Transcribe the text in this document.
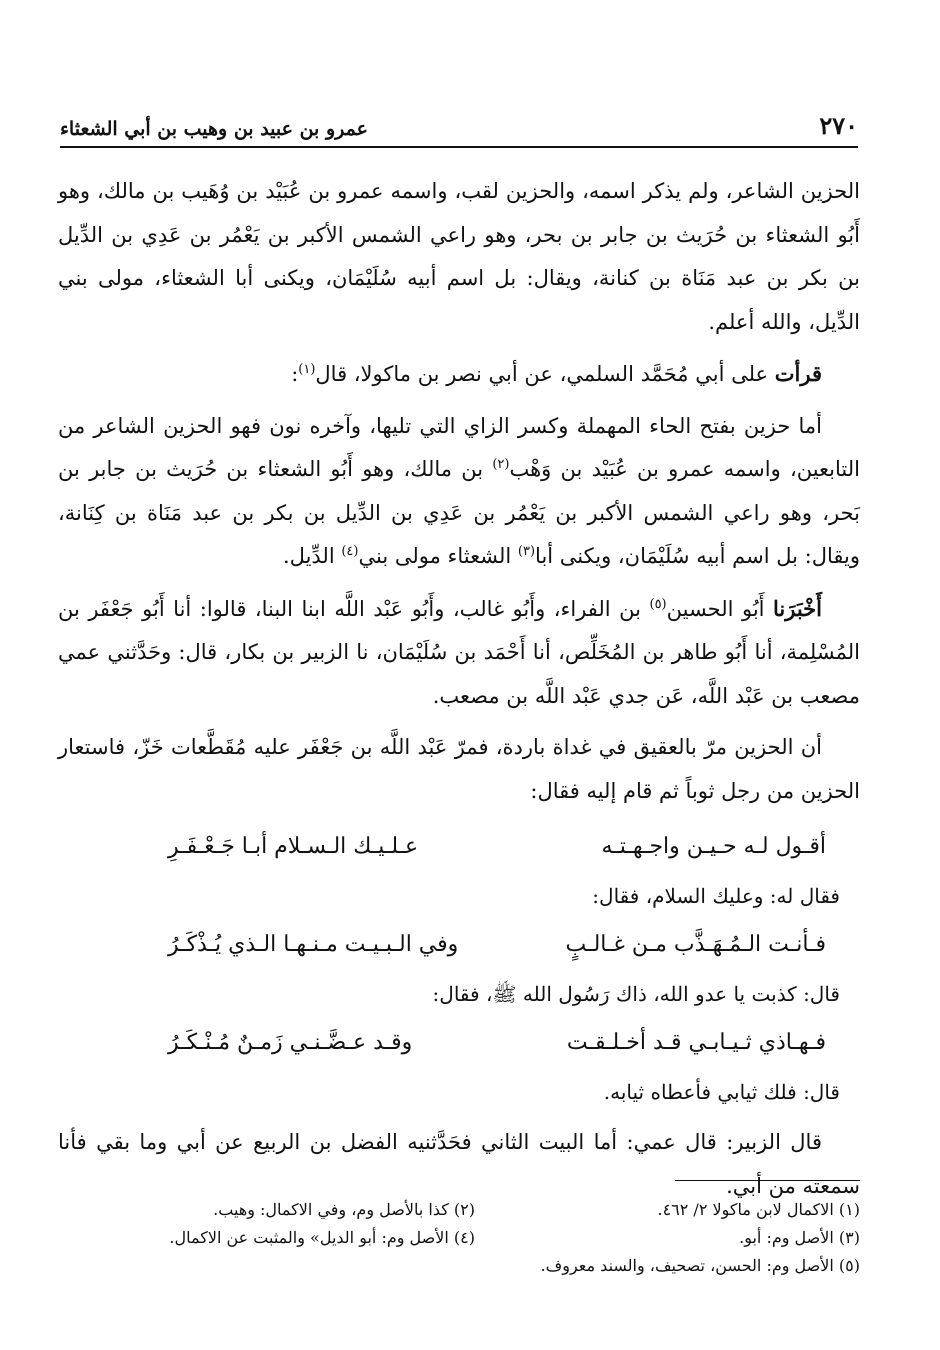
٢٧٠
عمرو بن عبيد بن وهيب بن أبي الشعثاء

الحزين الشاعر، ولم يذكر اسمه، والحزين لقب، واسمه عمرو بن عُبَيْد بن وُهَيب بن مالك، وهو أَبُو الشعثاء بن حُرَيث بن جابر بن بحر، وهو راعي الشمس الأكبر بن يَعْمُر بن عَدِي بن الدِّيل بن بكر بن عبد مَنَاة بن كنانة، ويقال: بل اسم أبيه سُلَيْمَان، ويكنى أبا الشعثاء، مولى بني الدِّيل، والله أعلم.

قرأت على أبي مُحَمَّد السلمي، عن أبي نصر بن ماكولا، قال$^{(١)}$:

أما حزين بفتح الحاء المهملة وكسر الزاي التي تليها، وآخره نون فهو الحزين الشاعر من التابعين، واسمه عمرو بن عُبَيْد بن وَهْب$^{(٢)}$ بن مالك، وهو أَبُو الشعثاء بن حُرَيث بن جابر بن بَحر، وهو راعي الشمس الأكبر بن يَعْمُر بن عَدِي بن الدِّيل بن بكر بن عبد مَنَاة بن كِنَانة، ويقال: بل اسم أبيه سُلَيْمَان، ويكنى أبا$^{(٣)}$ الشعثاء مولى بني$^{(٤)}$ الدِّيل.

أَخْبَرَنا أَبُو الحسين$^{(٥)}$ بن الفراء، وأَبُو غالب، وأَبُو عَبْد اللَّه ابنا البنا، قالوا: أنا أَبُو جَعْفَر بن المُسْلِمة، أنا أَبُو طاهر بن المُخَلِّص، أنا أَحْمَد بن سُلَيْمَان، نا الزبير بن بكار، قال: وحَدَّثني عمي مصعب بن عَبْد اللَّه، عَن جدي عَبْد اللَّه بن مصعب.

أن الحزين مرّ بالعقيق في غداة باردة، فمرّ عَبْد اللَّه بن جَعْفَر عليه مُقَطَّعات خَزّ، فاستعار الحزين من رجل ثوباً ثم قام إليه فقال:

أقـول لـه حـيـن واجـهـتـه
عـلـيـك الـسـلام أبـا جَـعْـفَـرِ
فقال له: وعليك السلام، فقال:
فـأنـت الـمُـهَـذَّب مـن غـالـبٍ
وفي الـبـيـت مـنـهـا الـذي يُـذْكَـرُ
قال: كذبت يا عدو الله، ذاك رَسُول الله ﷺ، فقال:
فـهـاذي ثـيـابـي قـد أخـلـقـت
وقـد عـضَّـنـي زَمـنٌ مُـنْـكَـرُ
قال: فلك ثيابي فأعطاه ثيابه.

قال الزبير: قال عمي: أما البيت الثاني فحَدَّثنيه الفضل بن الربيع عن أبي وما بقي فأنا سمعته من أبي.

(١) الاكمال لابن ماكولا ٢/ ٤٦٢.
(٢) كذا بالأصل وم، وفي الاكمال: وهيب.
(٣) الأصل وم: أبو.
(٤) الأصل وم: أبو الديل» والمثبت عن الاكمال.
(٥) الأصل وم: الحسن، تصحيف، والسند معروف.
